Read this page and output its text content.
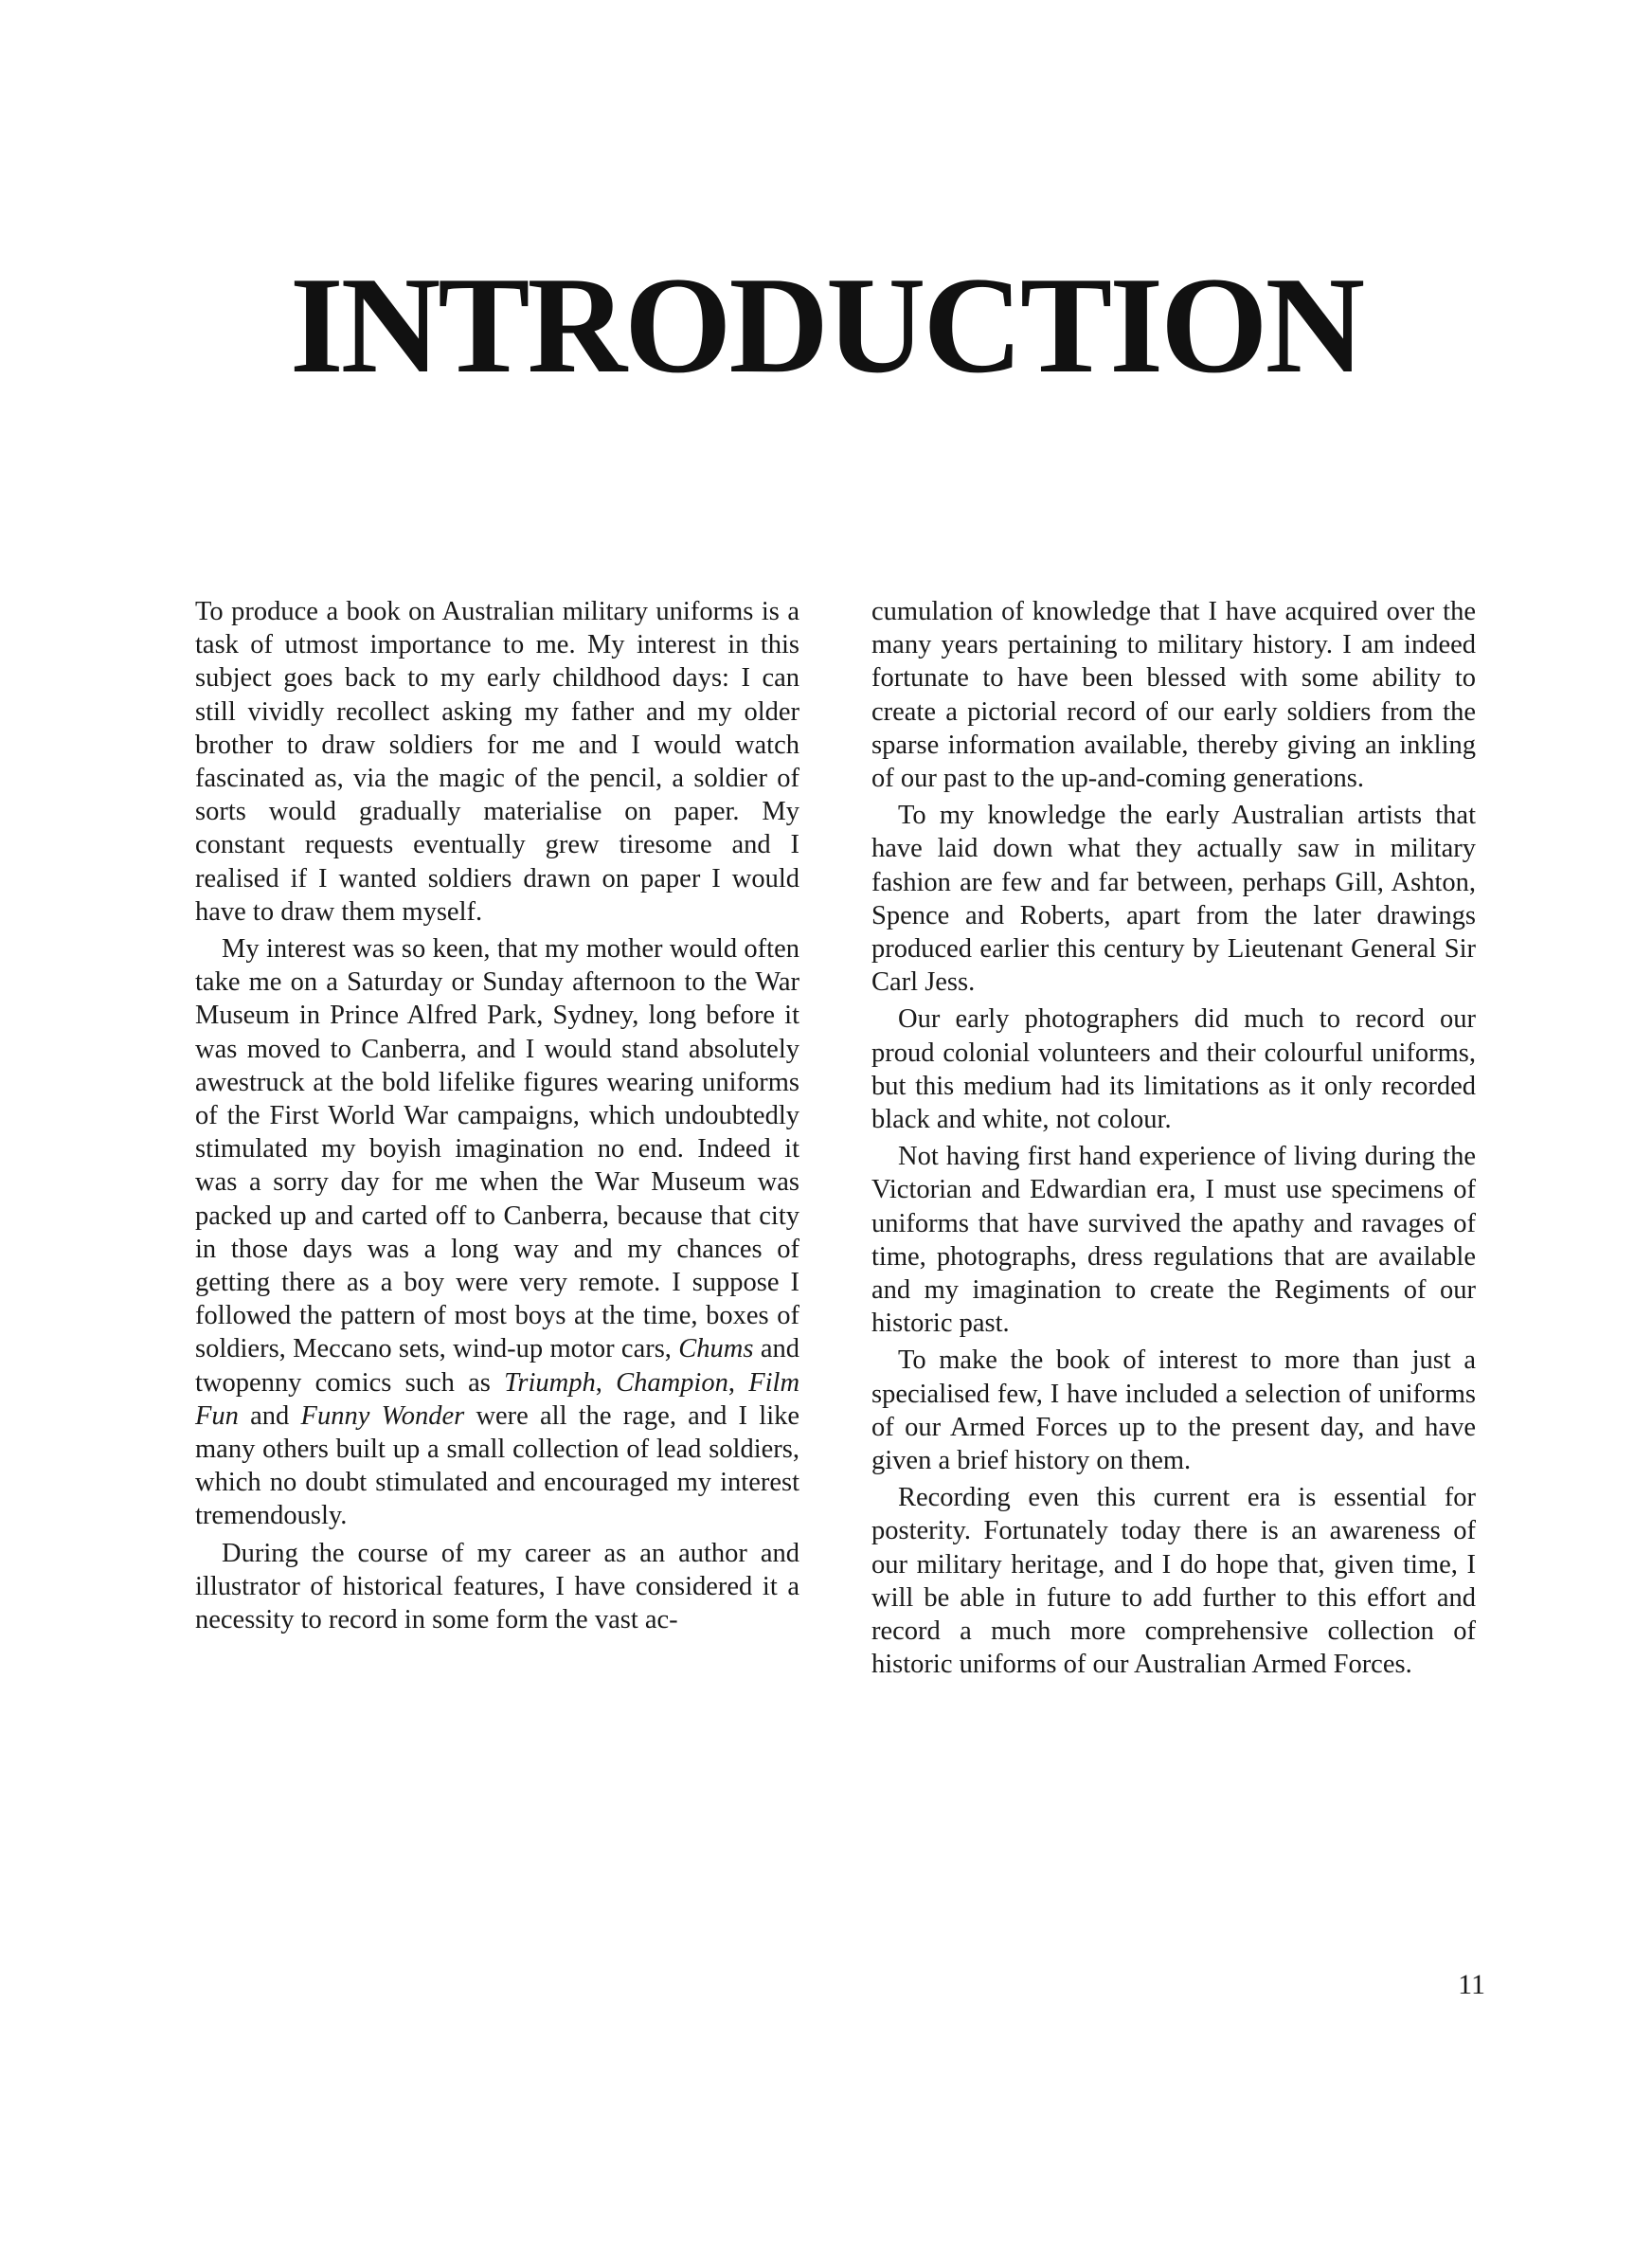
INTRODUCTION

To produce a book on Australian military uniforms is a task of utmost importance to me. My interest in this subject goes back to my early childhood days: I can still vividly recollect asking my father and my older brother to draw soldiers for me and I would watch fascinated as, via the magic of the pencil, a soldier of sorts would gradually materialise on paper. My constant requests eventually grew tiresome and I realised if I wanted soldiers drawn on paper I would have to draw them myself.

My interest was so keen, that my mother would often take me on a Saturday or Sunday afternoon to the War Museum in Prince Alfred Park, Sydney, long before it was moved to Canberra, and I would stand absolutely awestruck at the bold lifelike figures wearing uniforms of the First World War campaigns, which undoubtedly stimulated my boyish imagination no end. Indeed it was a sorry day for me when the War Museum was packed up and carted off to Canberra, because that city in those days was a long way and my chances of getting there as a boy were very remote. I suppose I followed the pattern of most boys at the time, boxes of soldiers, Meccano sets, wind-up motor cars, Chums and twopenny comics such as Triumph, Champion, Film Fun and Funny Wonder were all the rage, and I like many others built up a small collection of lead soldiers, which no doubt stimulated and encouraged my interest tremendously.

During the course of my career as an author and illustrator of historical features, I have considered it a necessity to record in some form the vast ac-

cumulation of knowledge that I have acquired over the many years pertaining to military history. I am indeed fortunate to have been blessed with some ability to create a pictorial record of our early soldiers from the sparse information available, thereby giving an inkling of our past to the up-and-coming generations.

To my knowledge the early Australian artists that have laid down what they actually saw in military fashion are few and far between, perhaps Gill, Ashton, Spence and Roberts, apart from the later drawings produced earlier this century by Lieutenant General Sir Carl Jess.

Our early photographers did much to record our proud colonial volunteers and their colourful uniforms, but this medium had its limitations as it only recorded black and white, not colour.

Not having first hand experience of living during the Victorian and Edwardian era, I must use specimens of uniforms that have survived the apathy and ravages of time, photographs, dress regulations that are available and my imagination to create the Regiments of our historic past.

To make the book of interest to more than just a specialised few, I have included a selection of uniforms of our Armed Forces up to the present day, and have given a brief history on them.

Recording even this current era is essential for posterity. Fortunately today there is an awareness of our military heritage, and I do hope that, given time, I will be able in future to add further to this effort and record a much more comprehensive collection of historic uniforms of our Australian Armed Forces.

11
